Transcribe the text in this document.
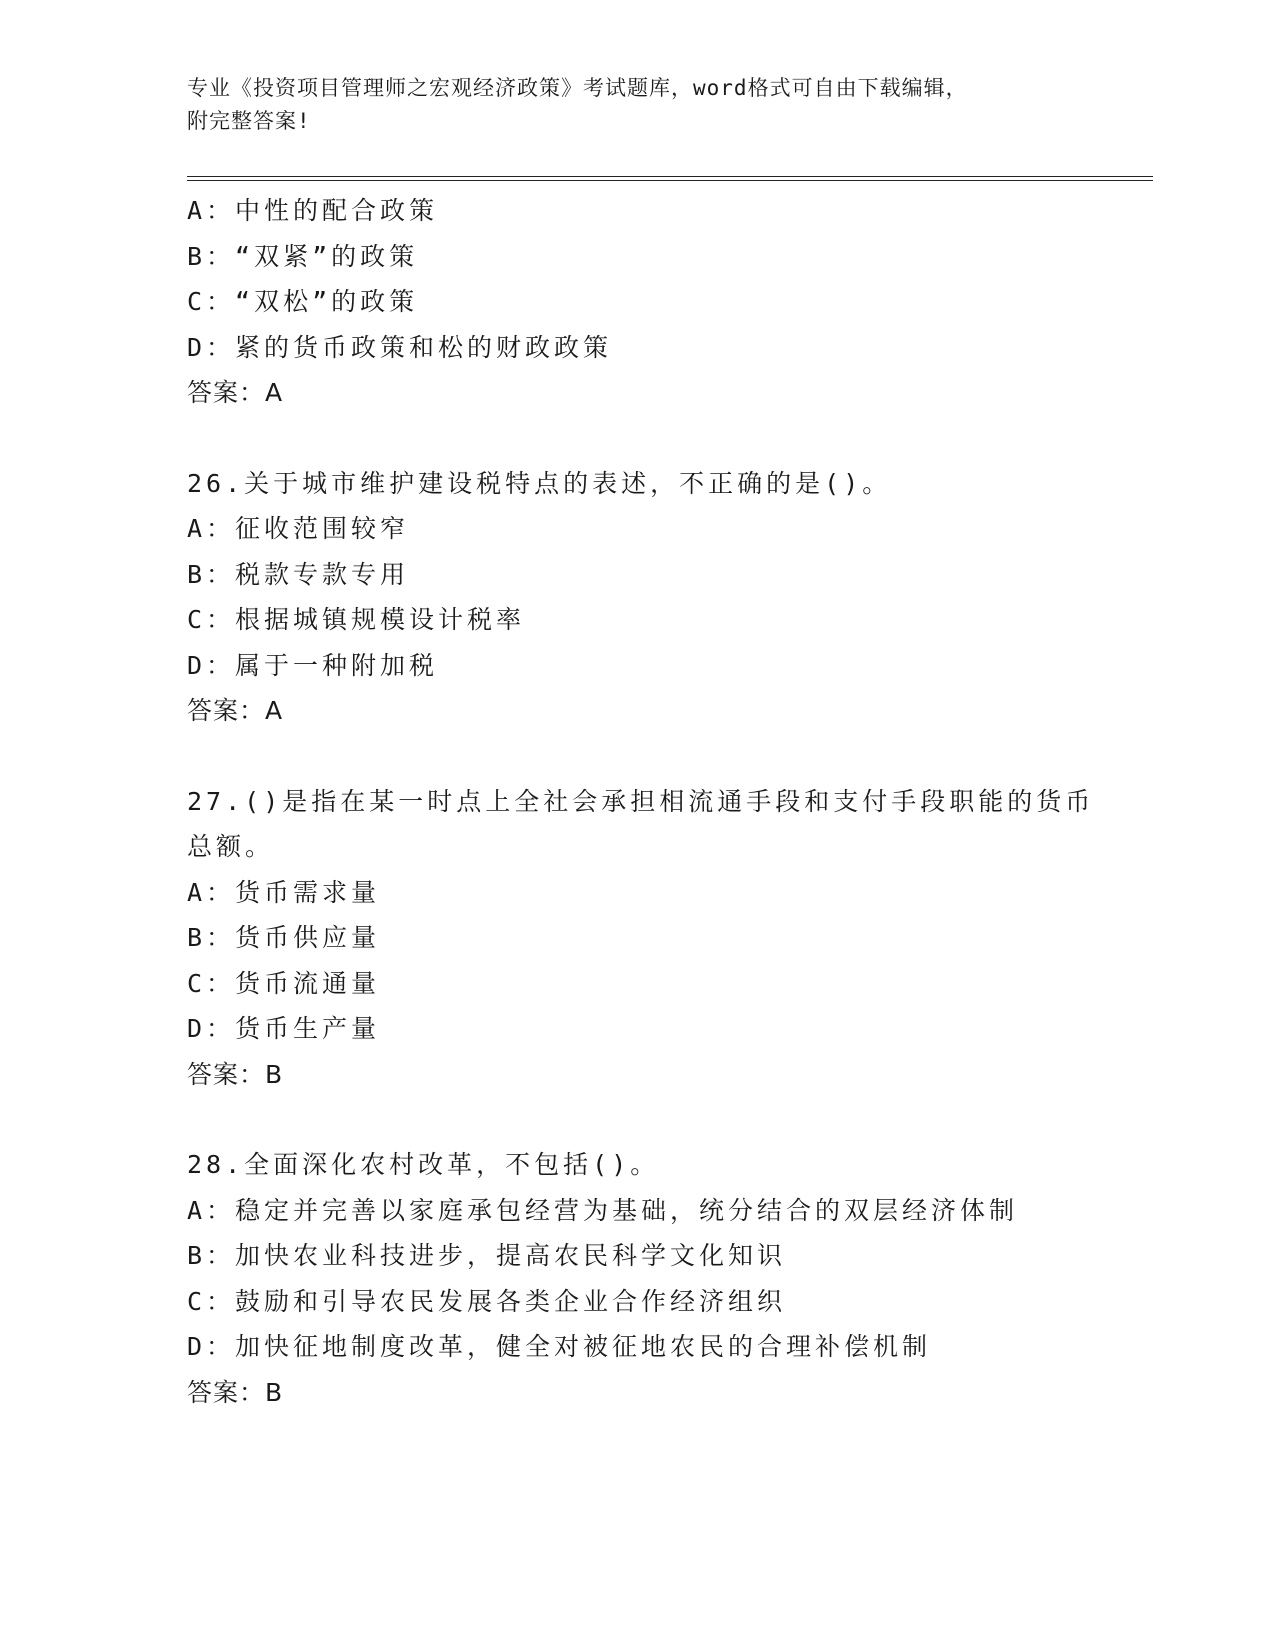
专业《投资项目管理师之宏观经济政策》考试题库，word格式可自由下载编辑，
附完整答案!
A：中性的配合政策
B：“双紧”的政策
C：“双松”的政策
D：紧的货币政策和松的财政政策
答案：A
26.关于城市维护建设税特点的表述，不正确的是()。
A：征收范围较窄
B：税款专款专用
C：根据城镇规模设计税率
D：属于一种附加税
答案：A
27.()是指在某一时点上全社会承担相流通手段和支付手段职能的货币
总额。
A：货币需求量
B：货币供应量
C：货币流通量
D：货币生产量
答案：B
28.全面深化农村改革，不包括()。
A：稳定并完善以家庭承包经营为基础，统分结合的双层经济体制
B：加快农业科技进步，提高农民科学文化知识
C：鼓励和引导农民发展各类企业合作经济组织
D：加快征地制度改革，健全对被征地农民的合理补偿机制
答案：B
